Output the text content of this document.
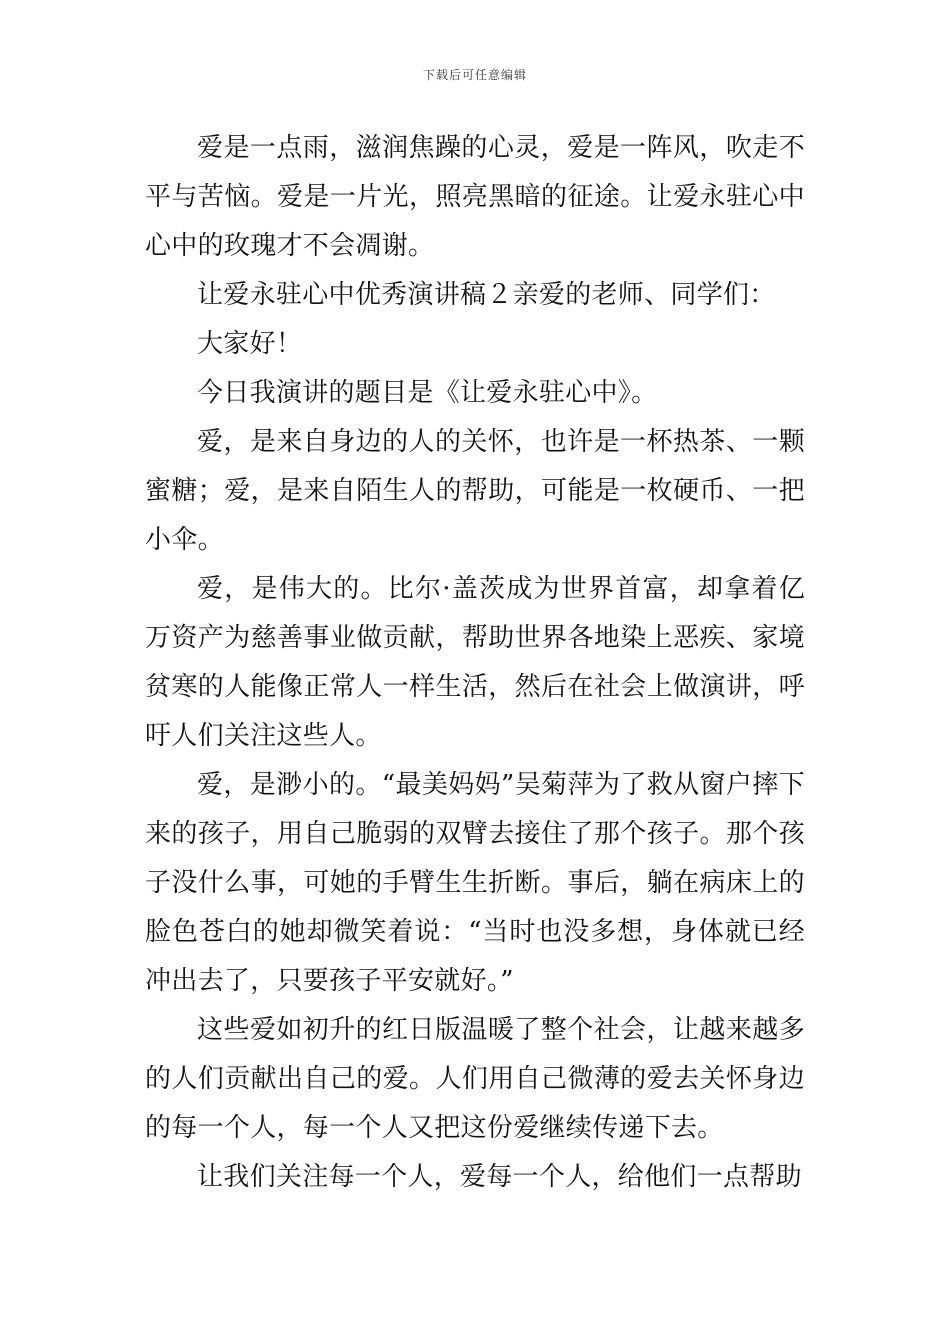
下载后可任意编辑

爱是一点雨，滋润焦躁的心灵，爱是一阵风，吹走不平与苦恼。爱是一片光，照亮黑暗的征途。让爱永驻心中心中的玫瑰才不会凋谢。

让爱永驻心中优秀演讲稿２亲爱的老师、同学们：

大家好！

今日我演讲的题目是《让爱永驻心中》。

爱，是来自身边的人的关怀，也许是一杯热茶、一颗蜜糖；爱，是来自陌生人的帮助，可能是一枚硬币、一把小伞。

爱，是伟大的。比尔·盖茨成为世界首富，却拿着亿万资产为慈善事业做贡献，帮助世界各地染上恶疾、家境贫寒的人能像正常人一样生活，然后在社会上做演讲，呼吁人们关注这些人。

爱，是渺小的。“最美妈妈”吴菊萍为了救从窗户摔下来的孩子，用自己脆弱的双臂去接住了那个孩子。那个孩子没什么事，可她的手臂生生折断。事后，躺在病床上的脸色苍白的她却微笑着说：“当时也没多想，身体就已经冲出去了，只要孩子平安就好。”

这些爱如初升的红日版温暖了整个社会，让越来越多的人们贡献出自己的爱。人们用自己微薄的爱去关怀身边的每一个人，每一个人又把这份爱继续传递下去。

让我们关注每一个人，爱每一个人，给他们一点帮助
